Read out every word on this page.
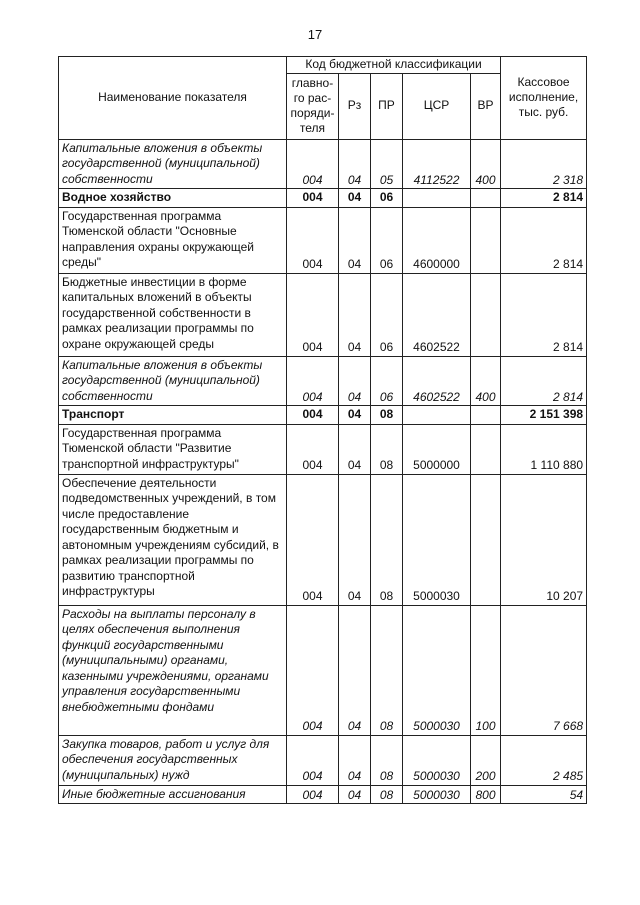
17
Наименование показателя	Код бюджетной классификации					Кассовое
исполнение,
тыс. руб.

	главно-
го рас-
поряди-
теля	Рз	ПР	ЦСР	ВР	
Капитальные вложения в объекты государственной (муниципальной) собственности	004	04	05	4112522	400	2 318
Водное хозяйство	004	04	06			2 814
Государственная программа Тюменской области "Основные направления охраны окружающей среды"	004	04	06	4600000		2 814
Бюджетные инвестиции в форме капитальных вложений в объекты государственной собственности в рамках реализации программы по охране окружающей среды	004	04	06	4602522		2 814
Капитальные вложения в объекты государственной (муниципальной) собственности	004	04	06	4602522	400	2 814
Транспорт	004	04	08			2 151 398
Государственная программа Тюменской области "Развитие транспортной инфраструктуры"	004	04	08	5000000		1 110 880
Обеспечение деятельности подведомственных учреждений, в том числе предоставление государственным бюджетным и автономным учреждениям субсидий, в рамках реализации программы по развитию транспортной инфраструктуры	004	04	08	5000030		10 207
Расходы на выплаты персоналу в целях обеспечения выполнения функций государственными (муниципальными) органами, казенными учреждениями, органами управления государственными внебюджетными фондами	004	04	08	5000030	100	7 668
Закупка товаров, работ и услуг для обеспечения государственных (муниципальных) нужд	004	04	08	5000030	200	2 485
Иные бюджетные ассигнования	004	04	08	5000030	800	54
